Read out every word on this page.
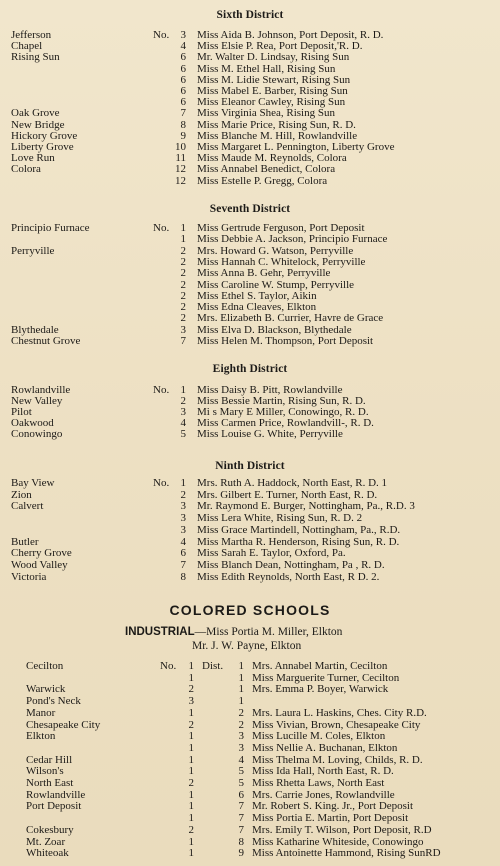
Sixth District
Jefferson	No.	3 Miss Aida B. Johnson, Port Deposit, R. D.
Chapel	4 Miss Elsie P. Rea, Port Deposit,'R. D.
Rising Sun	6 Mr. Walter D. Lindsay, Rising Sun
6 Miss M. Ethel Hall, Rising Sun
6 Miss M. Lidie Stewart, Rising Sun
6 Miss Mabel E. Barber, Rising Sun
6 Miss Eleanor Cawley, Rising Sun
Oak Grove	7 Miss Virginia Shea, Rising Sun
New Bridge	8 Miss Marie Price, Rising Sun, R. D.
Hickory Grove	9 Miss Blanche M. Hill, Rowlandville
Liberty Grove	10 Miss Margaret L. Pennington, Liberty Grove
Love Run	11 Miss Maude M. Reynolds, Colora
Colora	12 Miss Annabel Benedict, Colora
12 Miss Estelle P. Gregg, Colora
Seventh District
Principio Furnace	No.	1 Miss Gertrude Ferguson, Port Deposit
1 Miss Debbie A. Jackson, Principio Furnace
Perryville	2 Mrs. Howard G. Watson, Perryville
2 Miss Hannah C. Whitelock, Perryville
2 Miss Anna B. Gehr, Perryville
2 Miss Caroline W. Stump, Perryville
2 Miss Ethel S. Taylor, Aikin
2 Miss Edna Cleaves, Elkton
2 Mrs. Elizabeth B. Currier, Havre de Grace
Blythedale	3 Miss Elva D. Blackson, Blythedale
Chestnut Grove	7 Miss Helen M. Thompson, Port Deposit
Eighth District
Rowlandville	No.	1 Miss Daisy B. Pitt, Rowlandville
New Valley	2 Miss Bessie Martin, Rising Sun, R. D.
Pilot	3 Mi s Mary E Miller, Conowingo, R. D.
Oakwood	4 Miss Carmen Price, Rowlandvill-, R. D.
Conowingo	5 Miss Louise G. White, Perryville
Ninth District
Bay View	No.	1 Mrs. Ruth A. Haddock, North East, R. D. 1
Zion	2 Mrs. Gilbert E. Turner, North East, R. D.
Calvert	3 Mr. Raymond E. Burger, Nottingham, Pa., R.D. 3
3 Miss Lera White, Rising Sun, R. D. 2
3 Miss Grace Martindell, Nottingham, Pa., R.D.
Butler	4 Miss Martha R. Henderson, Rising Sun, R. D.
Cherry Grove	6 Miss Sarah E. Taylor, Oxford, Pa.
Wood Valley	7 Miss Blanch Dean, Nottingham, Pa , R. D.
Victoria	8 Miss Edith Reynolds, North East, R D. 2.
COLORED SCHOOLS
INDUSTRIAL—Miss Portia M. Miller, Elkton
Mr. J. W. Payne, Elkton
Cecilton	No.	1 Dist.	1 Mrs. Annabel Martin, Cecilton
1	1 Miss Marguerite Turner, Cecilton
Warwick	2	1 Mrs. Emma P. Boyer, Warwick
Pond's Neck	3	1
Manor	1	2 Mrs. Laura L. Haskins, Ches. City R.D.
Chesapeake City	2	2 Miss Vivian, Brown, Chesapeake City
Elkton	1	3 Miss Lucille M. Coles, Elkton
1	3 Miss Nellie A. Buchanan, Elkton
Cedar Hill	1	4 Miss Thelma M. Loving, Childs, R. D.
Wilson's	1	5 Miss Ida Hall, North East, R. D.
North East	2	5 Miss Rhetta Laws, North East
Rowlandville	1	6 Mrs. Carrie Jones, Rowlandville
Port Deposit	1	7 Mr. Robert S. King. Jr., Port Deposit
1	7 Miss Portia E. Martin, Port Deposit
Cokesbury	2	7 Mrs. Emily T. Wilson, Port Deposit, R.D
Mt. Zoar	1	8 Miss Katharine Whiteside, Conowingo
Whiteoak	1	9 Miss Antoinette Hammond, Rising SunRD
